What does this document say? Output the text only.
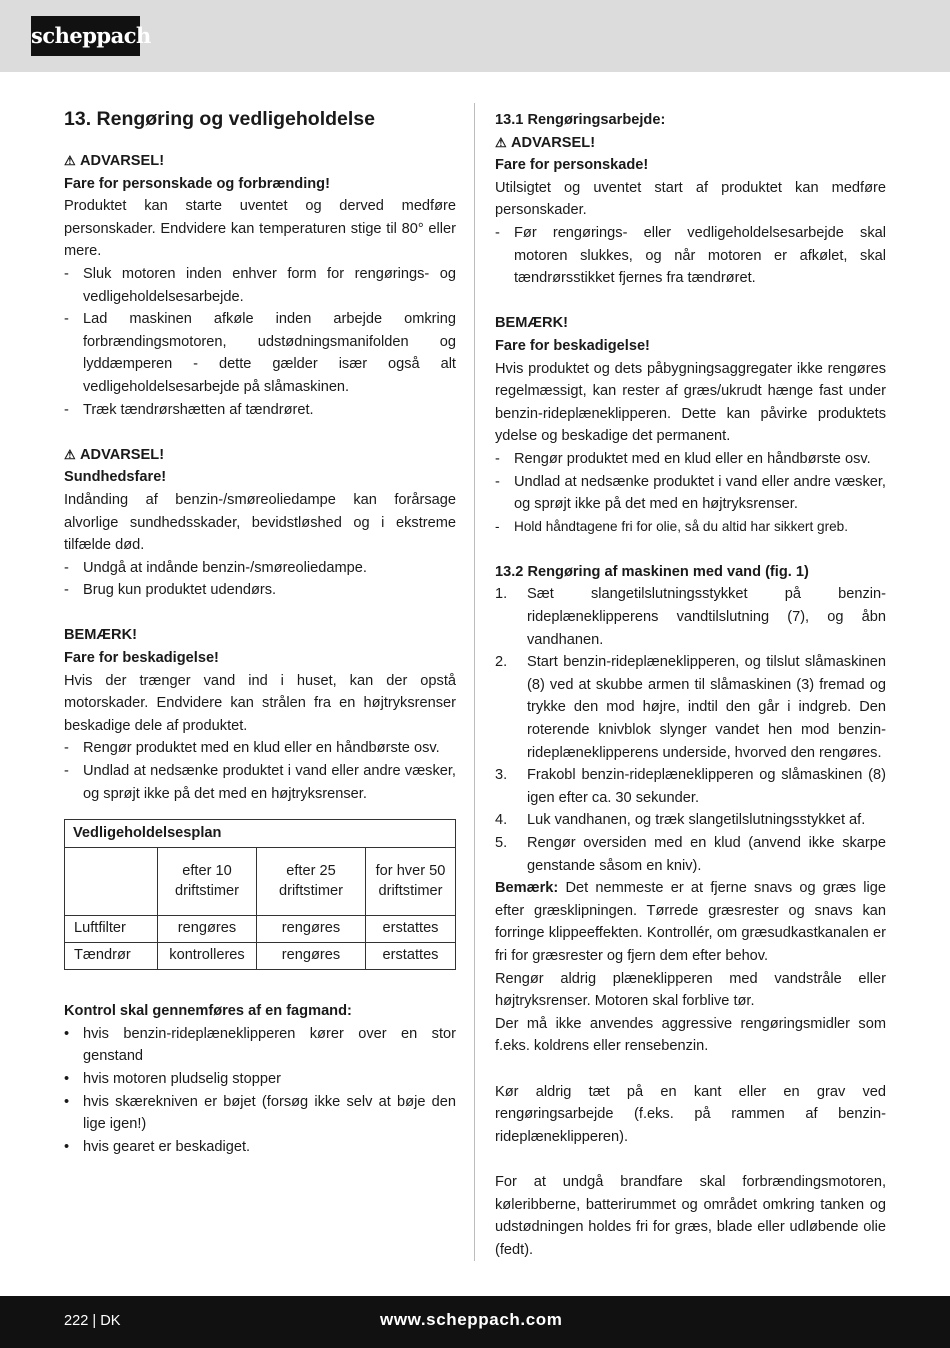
scheppach
13. Rengøring og vedligeholdelse
⚠ ADVARSEL!
Fare for personskade og forbrænding!
Produktet kan starte uventet og derved medføre personskader. Endvidere kan temperaturen stige til 80° eller mere.
- Sluk motoren inden enhver form for rengørings- og vedligeholdelsesarbejde.
- Lad maskinen afkøle inden arbejde omkring forbrændingsmotoren, udstødningsmanifolden og lyddæmperen - dette gælder især også alt vedligeholdelsesarbejde på slåmaskinen.
- Træk tændrørshætten af tændrøret.
⚠ ADVARSEL!
Sundhedsfare!
Indånding af benzin-/smøreoliedampe kan forårsage alvorlige sundhedsskader, bevidstløshed og i ekstreme tilfælde død.
- Undgå at indånde benzin-/smøreoliedampe.
- Brug kun produktet udendørs.
BEMÆRK!
Fare for beskadigelse!
Hvis der trænger vand ind i huset, kan der opstå motorskader. Endvidere kan strålen fra en højtryksrenser beskadige dele af produktet.
- Rengør produktet med en klud eller en håndbørste osv.
- Undlad at nedsænke produktet i vand eller andre væsker, og sprøjt ikke på det med en højtryksrenser.
Vedligeholdelsesplan			
	efter 10 driftstimer	efter 25 driftstimer	for hver 50 driftstimer
Luftfilter	rengøres	rengøres	erstattes
Tændrør	kontrolleres	rengøres	erstattes
Kontrol skal gennemføres af en fagmand:
• hvis benzin-rideplæneklipperen kører over en stor genstand
• hvis motoren pludselig stopper
• hvis skærekniven er bøjet (forsøg ikke selv at bøje den lige igen!)
• hvis gearet er beskadiget.
13.1 Rengøringsarbejde:
⚠ ADVARSEL!
Fare for personskade!
Utilsigtet og uventet start af produktet kan medføre personskader.
- Før rengørings- eller vedligeholdelsesarbejde skal motoren slukkes, og når motoren er afkølet, skal tændrørsstikket fjernes fra tændrøret.
BEMÆRK!
Fare for beskadigelse!
Hvis produktet og dets påbygningsaggregater ikke rengøres regelmæssigt, kan rester af græs/ukrudt hænge fast under benzin-rideplæneklipperen. Dette kan påvirke produktets ydelse og beskadige det permanent.
- Rengør produktet med en klud eller en håndbørste osv.
- Undlad at nedsænke produktet i vand eller andre væsker, og sprøjt ikke på det med en højtryksrenser.
- Hold håndtagene fri for olie, så du altid har sikkert greb.
13.2 Rengøring af maskinen med vand (fig. 1)
1. Sæt slangetilslutningsstykket på benzin-rideplæneklipperens vandtilslutning (7), og åbn vandhanen.
2. Start benzin-rideplæneklipperen, og tilslut slåmaskinen (8) ved at skubbe armen til slåmaskinen (3) fremad og trykke den mod højre, indtil den går i indgreb. Den roterende knivblok slynger vandet hen mod benzin-rideplæneklipperens underside, hvorved den rengøres.
3. Frakobl benzin-rideplæneklipperen og slåmaskinen (8) igen efter ca. 30 sekunder.
4. Luk vandhanen, og træk slangetilslutningsstykket af.
5. Rengør oversiden med en klud (anvend ikke skarpe genstande såsom en kniv).
Bemærk: Det nemmeste er at fjerne snavs og græs lige efter græsklipningen. Tørrede græsrester og snavs kan forringe klippeeffekten. Kontrollér, om græsudkastkanalen er fri for græsrester og fjern dem efter behov.
Rengør aldrig plæneklipperen med vandstråle eller højtryksrenser. Motoren skal forblive tør.
Der må ikke anvendes aggressive rengøringsmidler som f.eks. koldrens eller rensebenzin.
Kør aldrig tæt på en kant eller en grav ved rengøringsarbejde (f.eks. på rammen af benzin-rideplæneklipperen).
For at undgå brandfare skal forbrændingsmotoren, køleribberne, batterirummet og området omkring tanken og udstødningen holdes fri for græs, blade eller udløbende olie (fedt).
222 | DK	www.scheppach.com
